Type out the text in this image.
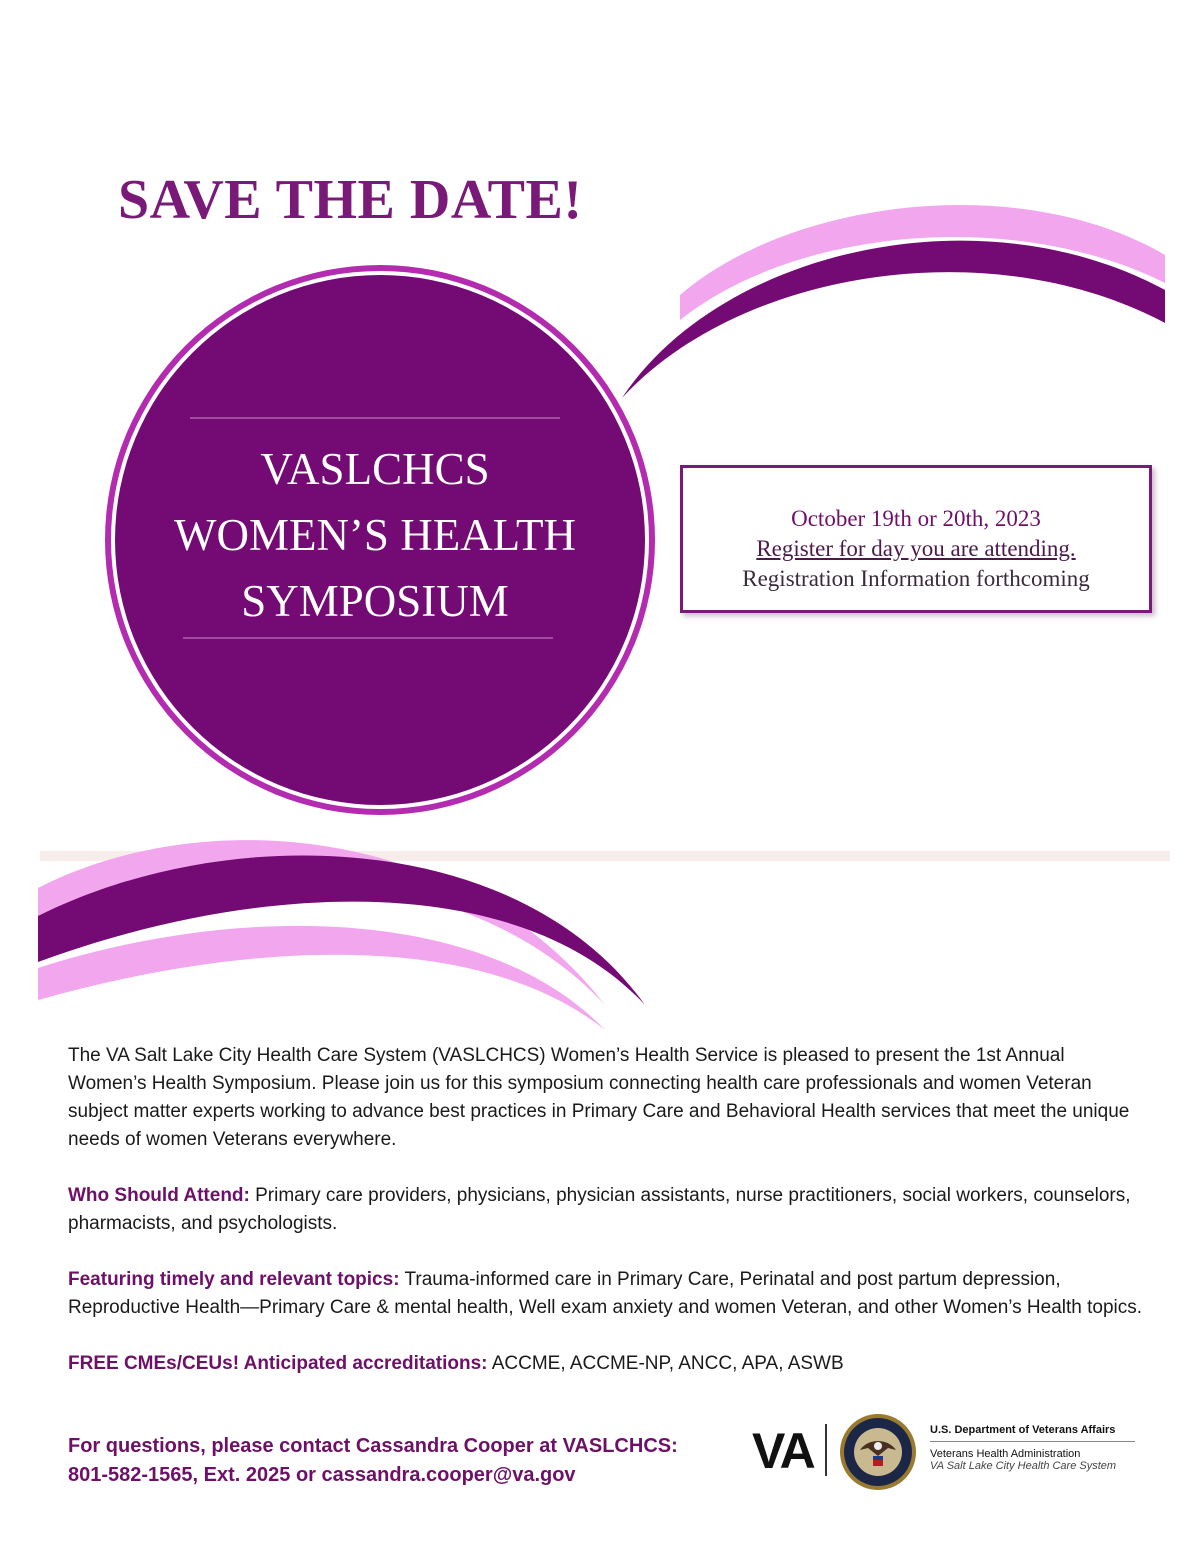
SAVE THE DATE!
VASLCHCS
WOMEN’S HEALTH
SYMPOSIUM
October 19th or 20th, 2023
Register for day you are attending.
Registration Information forthcoming

The VA Salt Lake City Health Care System (VASLCHCS) Women’s Health Service is pleased to present the 1st Annual Women’s Health Symposium. Please join us for this symposium connecting health care professionals and women Veteran subject matter experts working to advance best practices in Primary Care and Behavioral Health services that meet the unique needs of women Veterans everywhere.

Who Should Attend: Primary care providers, physicians, physician assistants, nurse practitioners, social workers, counselors, pharmacists, and psychologists.

Featuring timely and relevant topics: Trauma-informed care in Primary Care, Perinatal and post partum depression, Reproductive Health—Primary Care & mental health, Well exam anxiety and women Veteran, and other Women’s Health topics.

FREE CMEs/CEUs! Anticipated accreditations: ACCME, ACCME-NP, ANCC, APA, ASWB

For questions, please contact Cassandra Cooper at VASLCHCS:
801-582-1565, Ext. 2025 or cassandra.cooper@va.gov	VA	U.S. Department of Veterans Affairs
Veterans Health Administration
VA Salt Lake City Health Care System
